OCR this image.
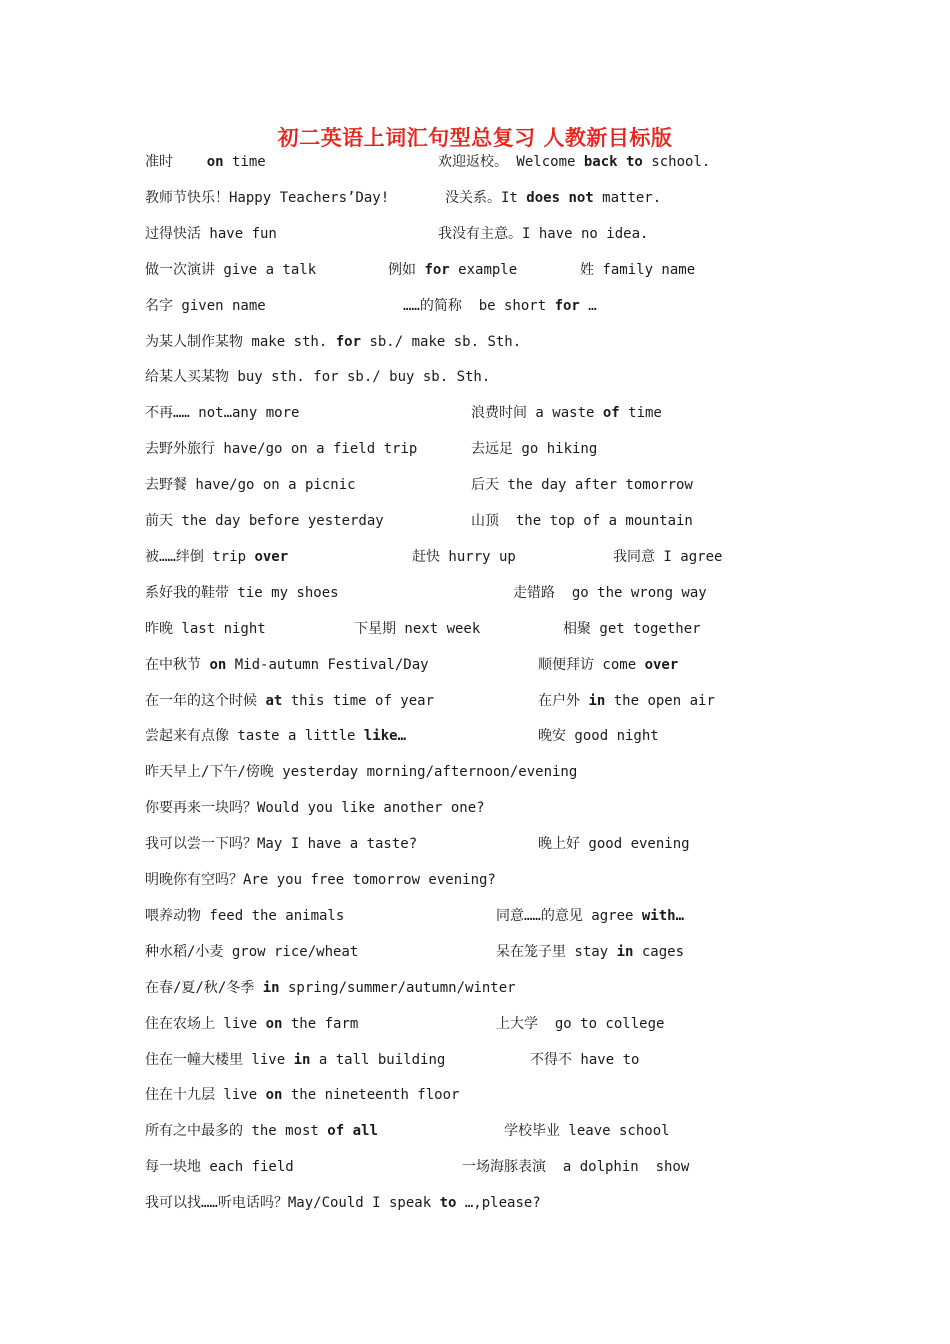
初二英语上词汇句型总复习 人教新目标版
准时    on time	欢迎返校。 Welcome back to school.
教师节快乐！Happy Teachers’Day!	没关系。It does not matter.
过得快活 have fun	我没有主意。I have no idea.
做一次演讲 give a talk	例如 for example	姓 family name
名字 given name	……的简称  be short for …
为某人制作某物 make sth. for sb./ make sb. Sth.
给某人买某物 buy sth. for sb./ buy sb. Sth.
不再…… not…any more	浪费时间 a waste of time
去野外旅行 have/go on a field trip	去远足 go hiking
去野餐 have/go on a picnic	后天 the day after tomorrow
前天 the day before yesterday	山顶  the top of a mountain
被……绊倒 trip over	赶快 hurry up	我同意 I agree
系好我的鞋带 tie my shoes	走错路  go the wrong way
昨晚 last night	下星期 next week	相聚 get together
在中秋节 on Mid-autumn Festival/Day	顺便拜访 come over
在一年的这个时候 at this time of year	在户外 in the open air
尝起来有点像 taste a little like…	晚安 good night
昨天早上/下午/傍晚 yesterday morning/afternoon/evening
你要再来一块吗？Would you like another one?
我可以尝一下吗？May I have a taste?	晚上好 good evening
明晚你有空吗？Are you free tomorrow evening?
喂养动物 feed the animals	同意……的意见 agree with…
种水稻/小麦 grow rice/wheat	呆在笼子里 stay in cages
在春/夏/秋/冬季 in spring/summer/autumn/winter
住在农场上 live on the farm	上大学  go to college
住在一幢大楼里 live in a tall building	不得不 have to
住在十九层 live on the nineteenth floor
所有之中最多的 the most of all	学校毕业 leave school
每一块地 each field	一场海豚表演  a dolphin  show
我可以找……听电话吗？May/Could I speak to …,please?
